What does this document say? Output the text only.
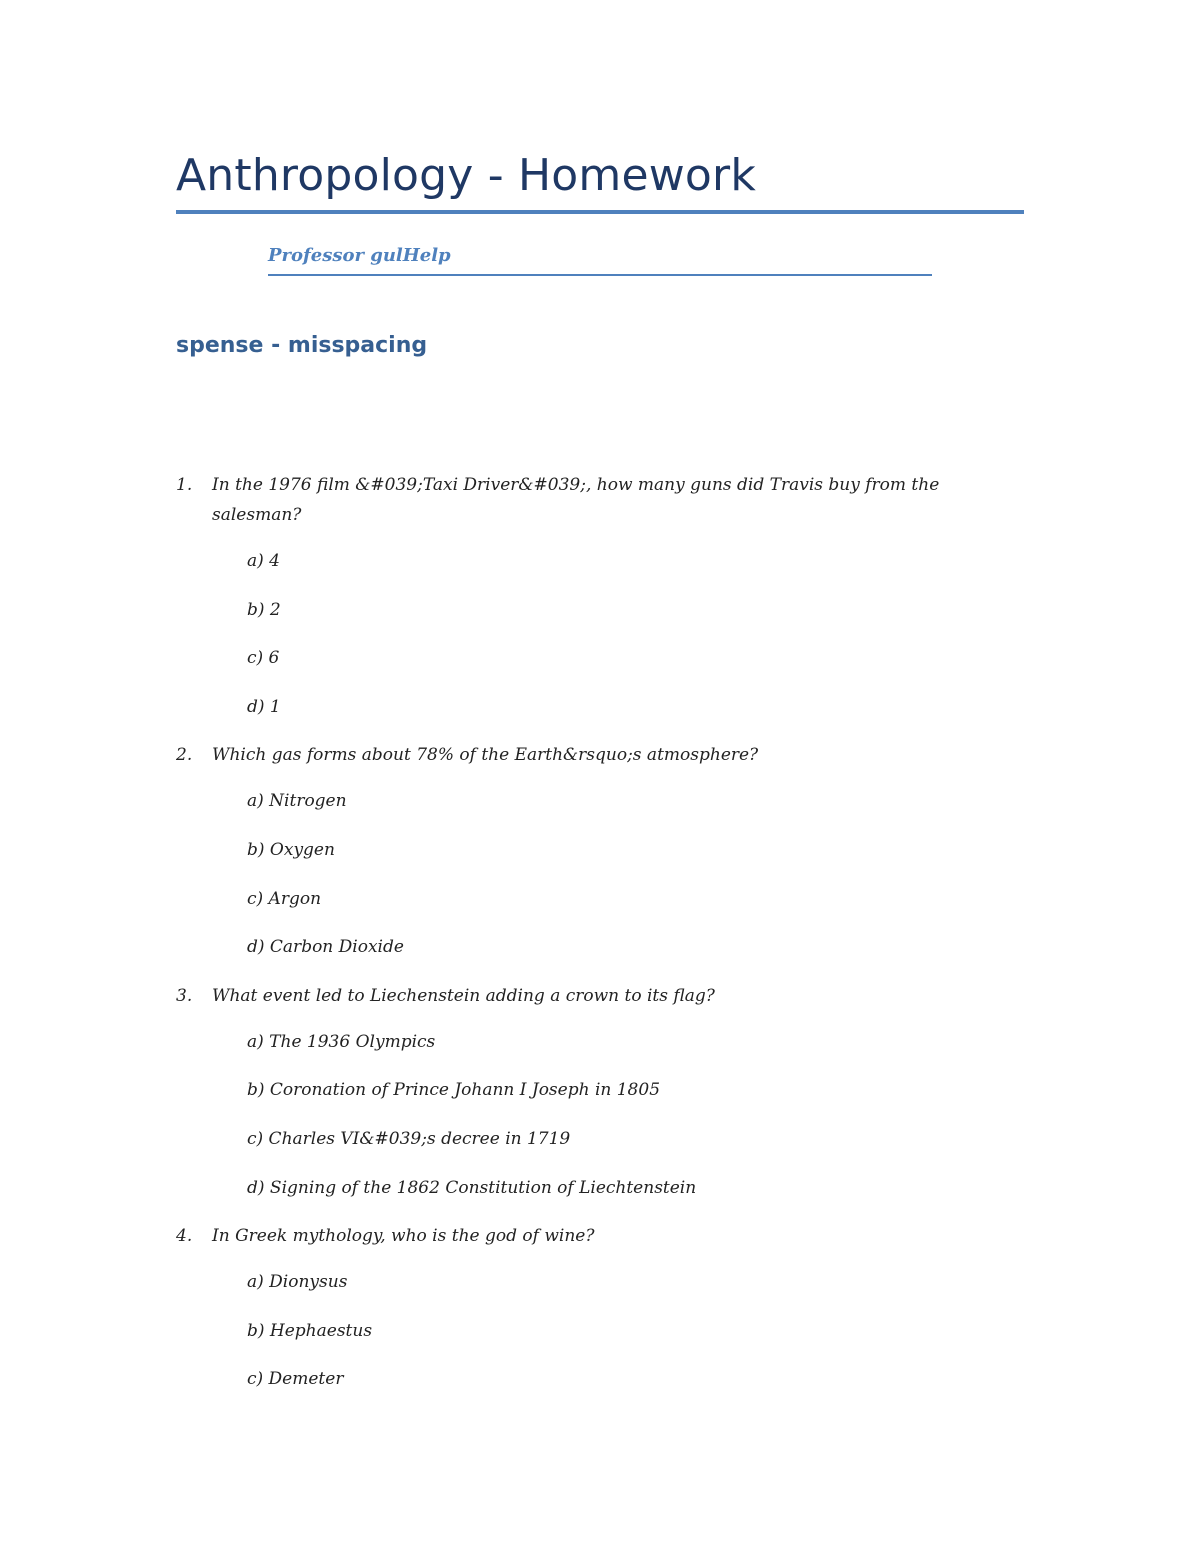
Anthropology - Homework
Professor gulHelp
spense - misspacing
1. In the 1976 film &#039;Taxi Driver&#039;, how many guns did Travis buy from the salesman?
a) 4
b) 2
c) 6
d) 1
2. Which gas forms about 78% of the Earth&rsquo;s atmosphere?
a) Nitrogen
b) Oxygen
c) Argon
d) Carbon Dioxide
3. What event led to Liechenstein adding a crown to its flag?
a) The 1936 Olympics
b) Coronation of Prince Johann I Joseph in 1805
c) Charles VI&#039;s decree in 1719
d) Signing of the 1862 Constitution of Liechtenstein
4. In Greek mythology, who is the god of wine?
a) Dionysus
b) Hephaestus
c) Demeter
